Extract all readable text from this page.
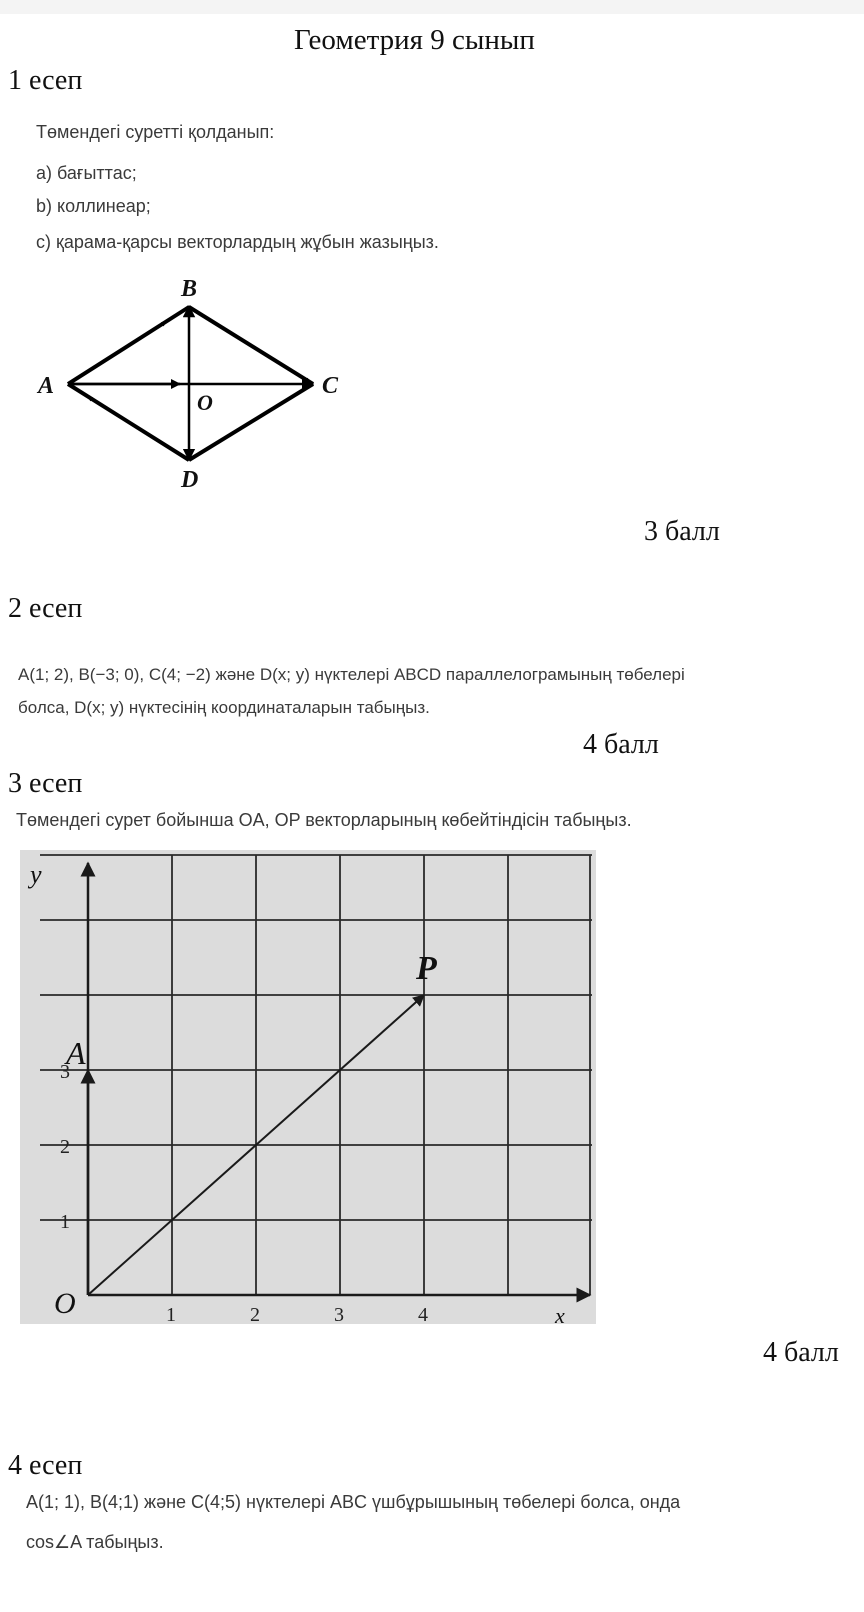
Геометрия 9 сынып
1 есеп
Төмендегі суретті қолданып:
а) бағыттас;
b) коллинеар;
с) қарама-қарсы векторлардың жұбын жазыңыз.
B
A	C
O
D
3 балл
2 есеп
A(1; 2), B(−3; 0), C(4; −2) және D(x; y) нүктелері ABCD параллелограмының төбелері
болса, D(x; y) нүктесінің координаталарын табыңыз.
4 балл
3 есеп
Төмендегі сурет бойынша OA, OP векторларының көбейтіндісін табыңыз.
1	2	3	4
1
2
3
y
x
O
A
P
4 балл
4 есеп
A(1; 1), B(4;1) және C(4;5) нүктелері ABC үшбұрышының төбелері болса, онда
cos∠A табыңыз.
